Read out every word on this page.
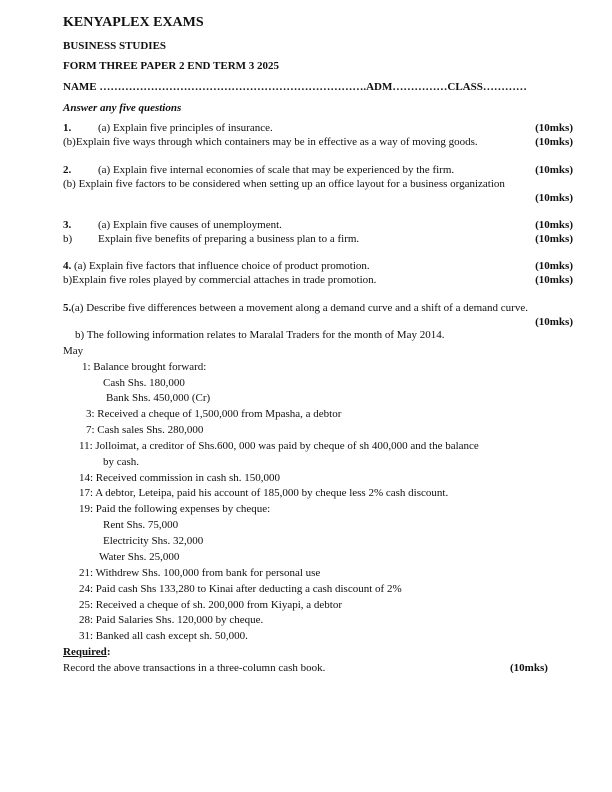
KENYAPLEX EXAMS
BUSINESS STUDIES
FORM THREE PAPER 2 END TERM 3 2025
NAME ……………………………………………………………….ADM……………CLASS…………
Answer any five questions
1. (a) Explain five principles of insurance.	(10mks)
(b)Explain five ways through which containers may be in effective as a way of moving goods.	(10mks)
2. (a) Explain five internal economies of scale that may be experienced by the firm.	(10mks)
(b) Explain five factors to be considered when setting up an office layout for a business organization
(10mks)
3. (a) Explain five causes of unemployment.	(10mks)
b) Explain five benefits of preparing a business plan to a firm.	(10mks)
4. (a) Explain five factors that influence choice of product promotion.	(10mks)
b)Explain five roles played by commercial attaches in trade promotion.	(10mks)
5.(a) Describe five differences between a movement along a demand curve and a shift of a demand curve.
(10mks)
b) The following information relates to Maralal Traders for the month of May 2014.
May
1: Balance brought forward:
Cash Shs. 180,000
Bank Shs. 450,000 (Cr)
3: Received a cheque of 1,500,000 from Mpasha, a debtor
7: Cash sales Shs. 280,000
11: Jolloimat, a creditor of Shs.600, 000 was paid by cheque of sh 400,000 and the balance
by cash.
14: Received commission in cash sh. 150,000
17: A debtor, Leteipa, paid his account of 185,000 by cheque less 2% cash discount.
19: Paid the following expenses by cheque:
Rent Shs. 75,000
Electricity Shs. 32,000
Water Shs. 25,000
21: Withdrew Shs. 100,000 from bank for personal use
24: Paid cash Shs 133,280 to Kinai after deducting a cash discount of 2%
25: Received a cheque of sh. 200,000 from Kiyapi, a debtor
28: Paid Salaries Shs. 120,000 by cheque.
31: Banked all cash except sh. 50,000.
Required:
Record the above transactions in a three-column cash book.	(10mks)
